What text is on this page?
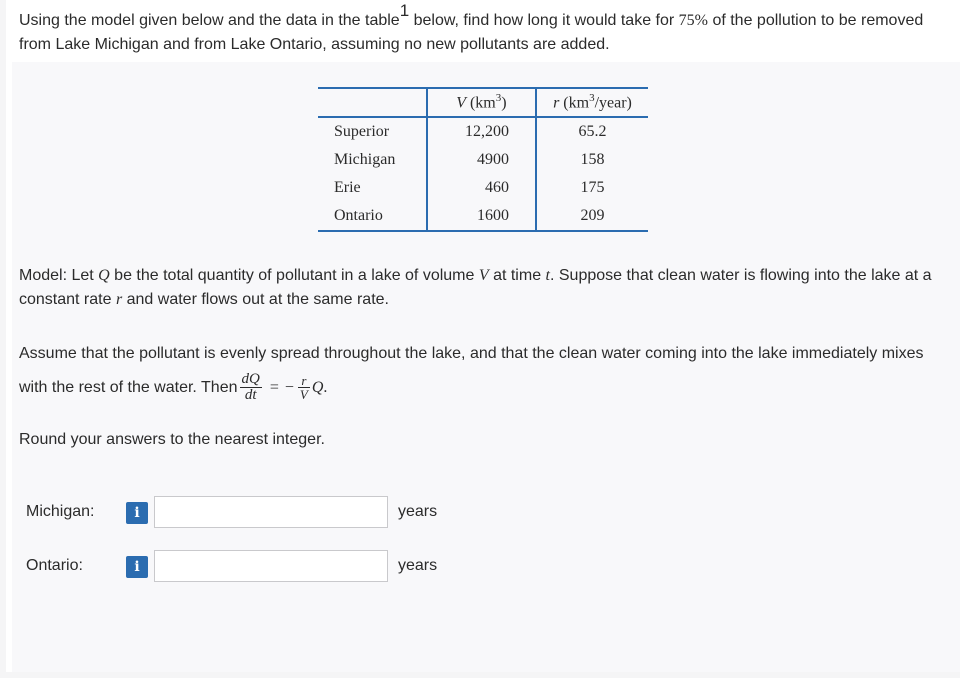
Using the model given below and the data in the table$^1$ below, find how long it would take for 75% of the pollution to be removed from Lake Michigan and from Lake Ontario, assuming no new pollutants are added.
	V $(km^3)$	r $(km^3/year)$
Superior	12,200	65.2
Michigan	4900	158
Erie	460	175
Ontario	1600	209
Model: Let Q be the total quantity of pollutant in a lake of volume V at time t. Suppose that clean water is flowing into the lake at a constant rate r and water flows out at the same rate.
Assume that the pollutant is evenly spread throughout the lake, and that the clean water coming into the lake immediately mixes with the rest of the water. Then $\frac{dQ}{dt}$ = − $\frac{r}{V} Q$.
Round your answers to the nearest integer.
Michigan:	i	years
Ontario:	i	years
